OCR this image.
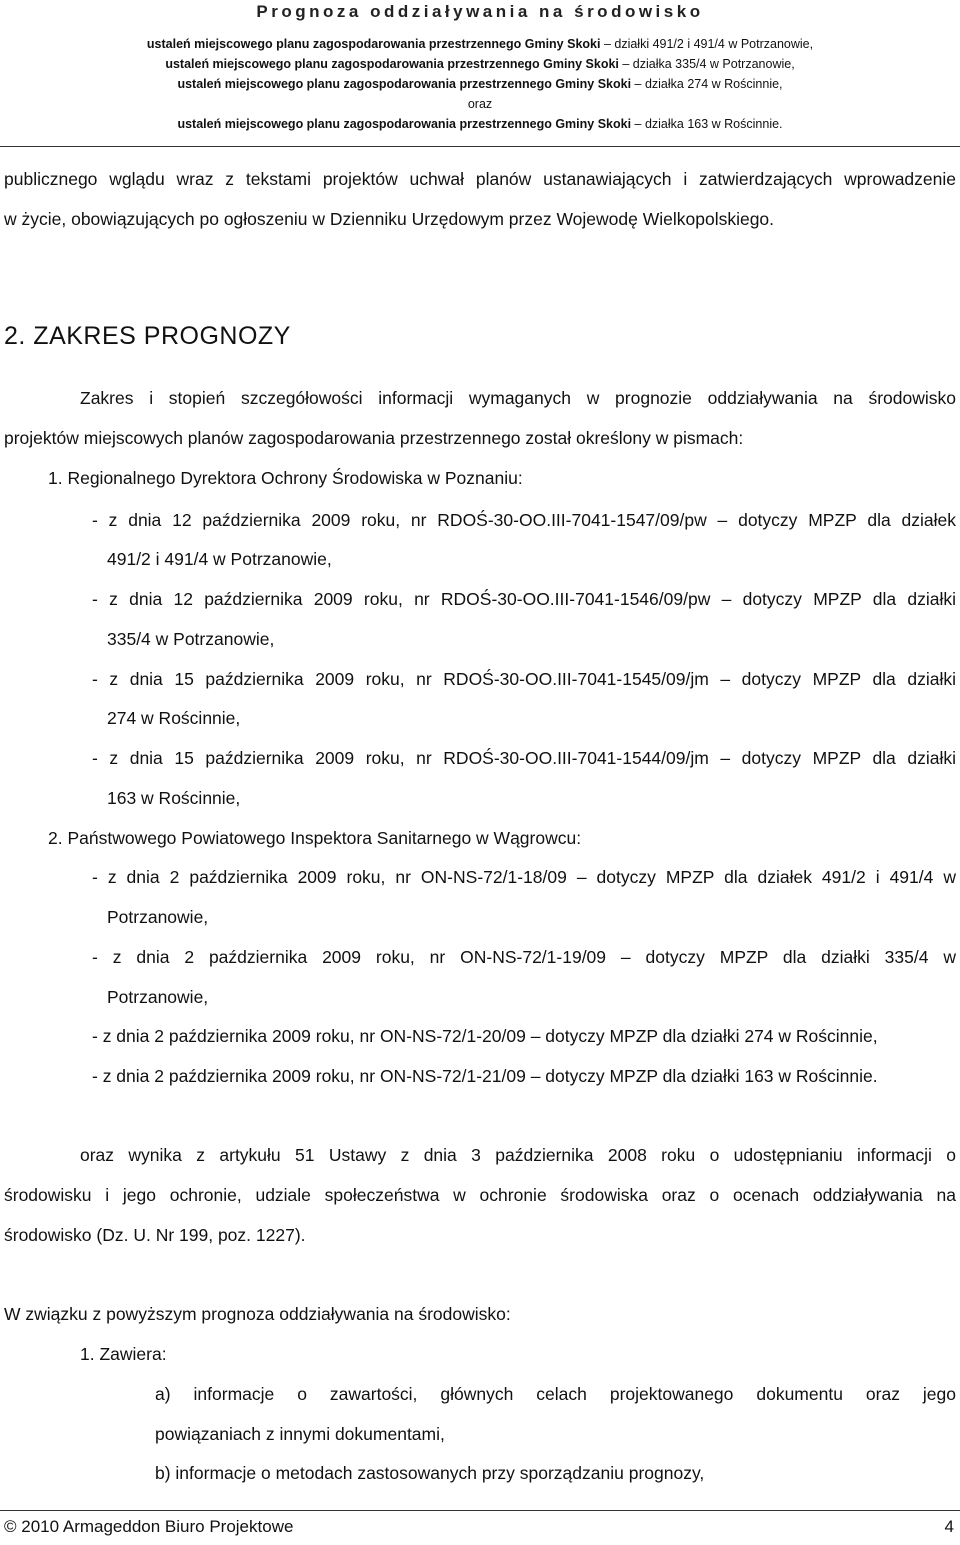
Prognoza oddziaływania na środowisko
ustaleń miejscowego planu zagospodarowania przestrzennego Gminy Skoki – działki 491/2 i 491/4 w Potrzanowie,
ustaleń miejscowego planu zagospodarowania przestrzennego Gminy Skoki – działka 335/4 w Potrzanowie,
ustaleń miejscowego planu zagospodarowania przestrzennego Gminy Skoki – działka 274 w Rościnnie,
oraz
ustaleń miejscowego planu zagospodarowania przestrzennego Gminy Skoki – działka 163 w Rościnnie.
publicznego wglądu wraz z tekstami projektów uchwał planów ustanawiających i zatwierdzających wprowadzenie
w życie, obowiązujących po ogłoszeniu w Dzienniku Urzędowym przez Wojewodę Wielkopolskiego.
2. ZAKRES PROGNOZY
Zakres i stopień szczegółowości informacji wymaganych w prognozie oddziaływania na środowisko
projektów miejscowych planów zagospodarowania przestrzennego został określony w pismach:
1. Regionalnego Dyrektora Ochrony Środowiska w Poznaniu:
- z dnia 12 października 2009 roku, nr RDOŚ-30-OO.III-7041-1547/09/pw – dotyczy MPZP dla działek
491/2 i 491/4 w Potrzanowie,
- z dnia 12 października 2009 roku, nr RDOŚ-30-OO.III-7041-1546/09/pw – dotyczy MPZP dla działki
335/4 w Potrzanowie,
- z dnia 15 października 2009 roku, nr RDOŚ-30-OO.III-7041-1545/09/jm – dotyczy MPZP dla działki
274 w Rościnnie,
- z dnia 15 października 2009 roku, nr RDOŚ-30-OO.III-7041-1544/09/jm – dotyczy MPZP dla działki
163 w Rościnnie,
2. Państwowego Powiatowego Inspektora Sanitarnego w Wągrowcu:
- z dnia 2 października 2009 roku, nr ON-NS-72/1-18/09 – dotyczy MPZP dla działek 491/2 i 491/4 w
Potrzanowie,
- z dnia 2 października 2009 roku, nr ON-NS-72/1-19/09 – dotyczy MPZP dla działki 335/4 w
Potrzanowie,
- z dnia 2 października 2009 roku, nr ON-NS-72/1-20/09 – dotyczy MPZP dla działki 274 w Rościnnie,
- z dnia 2 października 2009 roku, nr ON-NS-72/1-21/09 – dotyczy MPZP dla działki 163 w Rościnnie.
oraz wynika z artykułu 51 Ustawy z dnia 3 października 2008 roku o udostępnianiu informacji o
środowisku i jego ochronie, udziale społeczeństwa w ochronie środowiska oraz o ocenach oddziaływania na
środowisko (Dz. U. Nr 199, poz. 1227).
W związku z powyższym prognoza oddziaływania na środowisko:
1. Zawiera:
a) informacje o zawartości, głównych celach projektowanego dokumentu oraz jego
powiązaniach z innymi dokumentami,
b) informacje o metodach zastosowanych przy sporządzaniu prognozy,
© 2010 Armageddon Biuro Projektowe	4
